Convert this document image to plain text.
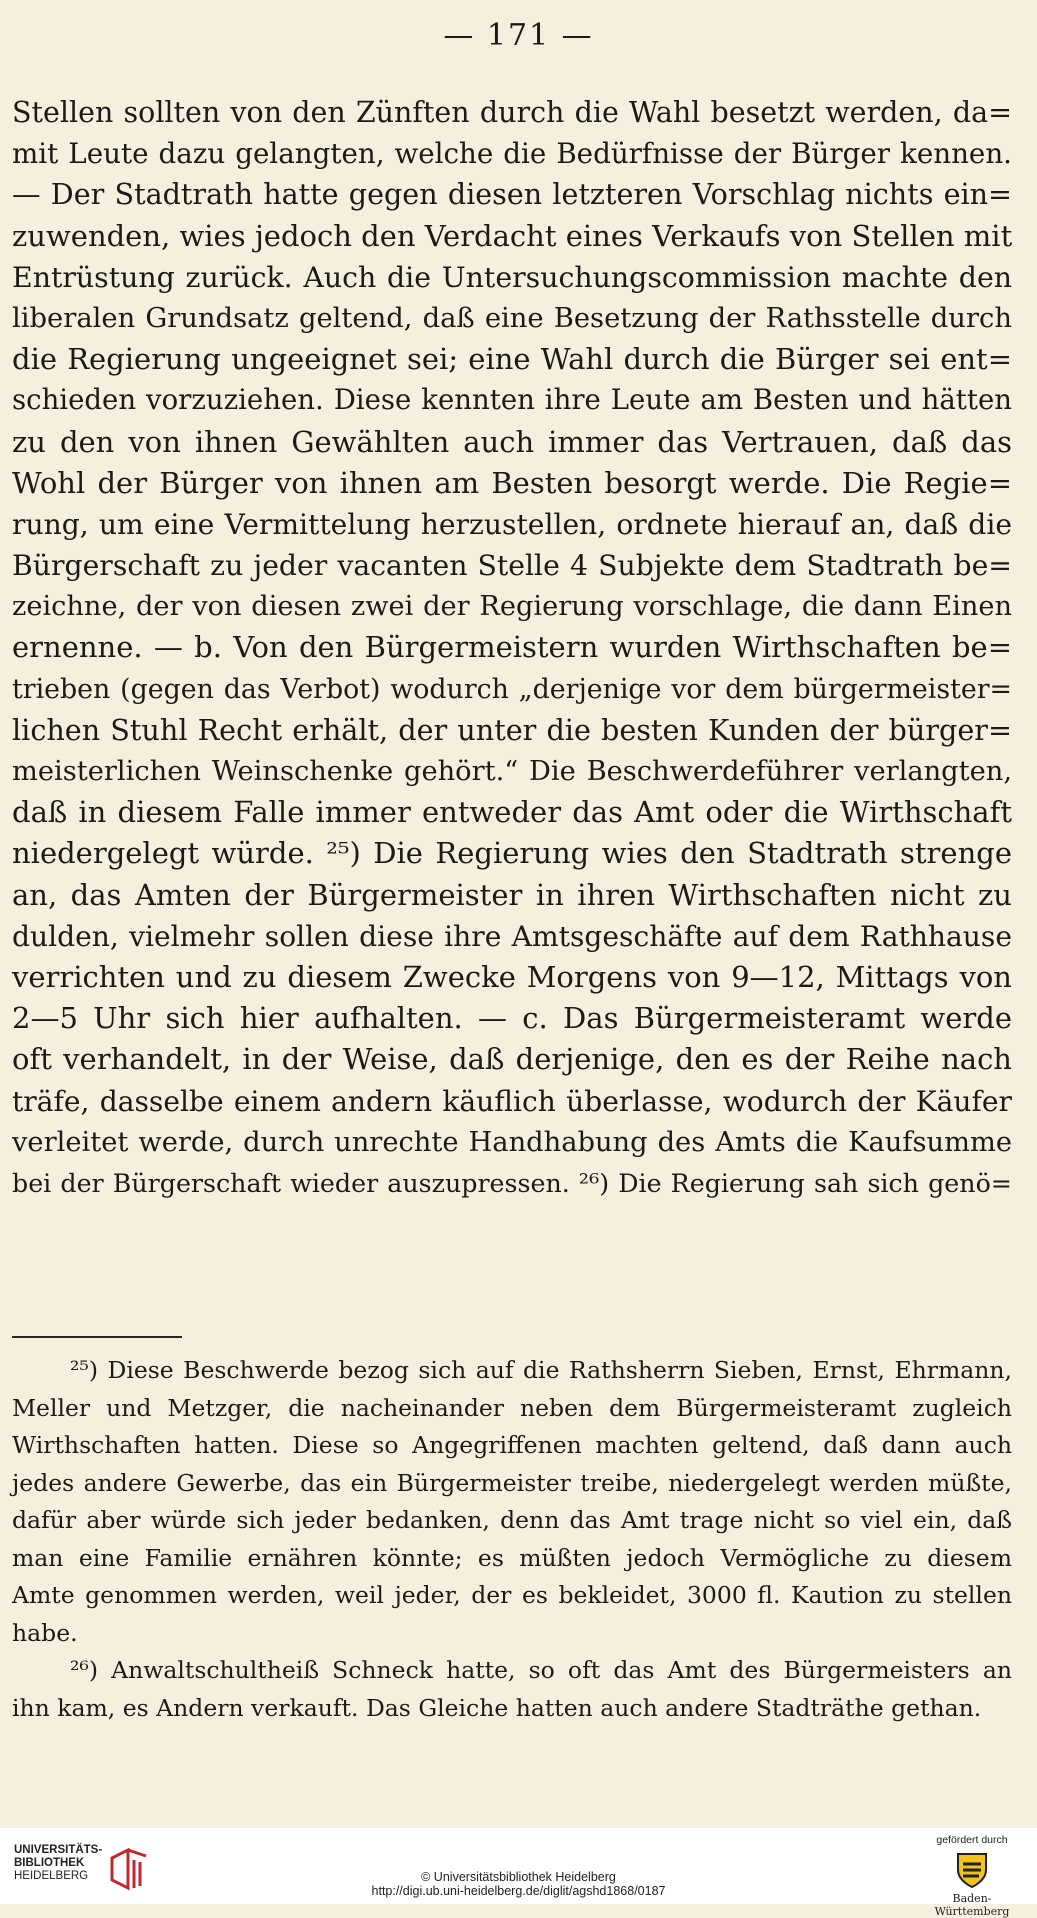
— 171 —
Stellen sollten von den Zünften durch die Wahl besetzt werden, da=
mit Leute dazu gelangten, welche die Bedürfnisse der Bürger kennen.
— Der Stadtrath hatte gegen diesen letzteren Vorschlag nichts ein=
zuwenden, wies jedoch den Verdacht eines Verkaufs von Stellen mit
Entrüstung zurück. Auch die Untersuchungscommission machte den
liberalen Grundsatz geltend, daß eine Besetzung der Rathsstelle durch
die Regierung ungeeignet sei; eine Wahl durch die Bürger sei ent=
schieden vorzuziehen. Diese kennten ihre Leute am Besten und hätten
zu den von ihnen Gewählten auch immer das Vertrauen, daß das
Wohl der Bürger von ihnen am Besten besorgt werde. Die Regie=
rung, um eine Vermittelung herzustellen, ordnete hierauf an, daß die
Bürgerschaft zu jeder vacanten Stelle 4 Subjekte dem Stadtrath be=
zeichne, der von diesen zwei der Regierung vorschlage, die dann Einen
ernenne. — b. Von den Bürgermeistern wurden Wirthschaften be=
trieben (gegen das Verbot) wodurch „derjenige vor dem bürgermeister=
lichen Stuhl Recht erhält, der unter die besten Kunden der bürger=
meisterlichen Weinschenke gehört.“ Die Beschwerdeführer verlangten,
daß in diesem Falle immer entweder das Amt oder die Wirthschaft
niedergelegt würde. ²⁵) Die Regierung wies den Stadtrath strenge
an, das Amten der Bürgermeister in ihren Wirthschaften nicht zu
dulden, vielmehr sollen diese ihre Amtsgeschäfte auf dem Rathhause
verrichten und zu diesem Zwecke Morgens von 9—12, Mittags von
2—5 Uhr sich hier aufhalten. — c. Das Bürgermeisteramt werde
oft verhandelt, in der Weise, daß derjenige, den es der Reihe nach
träfe, dasselbe einem andern käuflich überlasse, wodurch der Käufer
verleitet werde, durch unrechte Handhabung des Amts die Kaufsumme
bei der Bürgerschaft wieder auszupressen. ²⁶) Die Regierung sah sich genö=
²⁵) Diese Beschwerde bezog sich auf die Rathsherrn Sieben, Ernst, Ehrmann,
Meller und Metzger, die nacheinander neben dem Bürgermeisteramt zugleich
Wirthschaften hatten. Diese so Angegriffenen machten geltend, daß dann auch
jedes andere Gewerbe, das ein Bürgermeister treibe, niedergelegt werden müßte,
dafür aber würde sich jeder bedanken, denn das Amt trage nicht so viel ein, daß
man eine Familie ernähren könnte; es müßten jedoch Vermögliche zu diesem
Amte genommen werden, weil jeder, der es bekleidet, 3000 fl. Kaution zu stellen
habe.
²⁶) Anwaltschultheiß Schneck hatte, so oft das Amt des Bürgermeisters an
ihn kam, es Andern verkauft. Das Gleiche hatten auch andere Stadträthe gethan.
UNIVERSITÄTS-
BIBLIOTHEK
HEIDELBERG	© Universitätsbibliothek Heidelberg
http://digi.ub.uni-heidelberg.de/diglit/agshd1868/0187
gefördert durch
Baden-Württemberg
